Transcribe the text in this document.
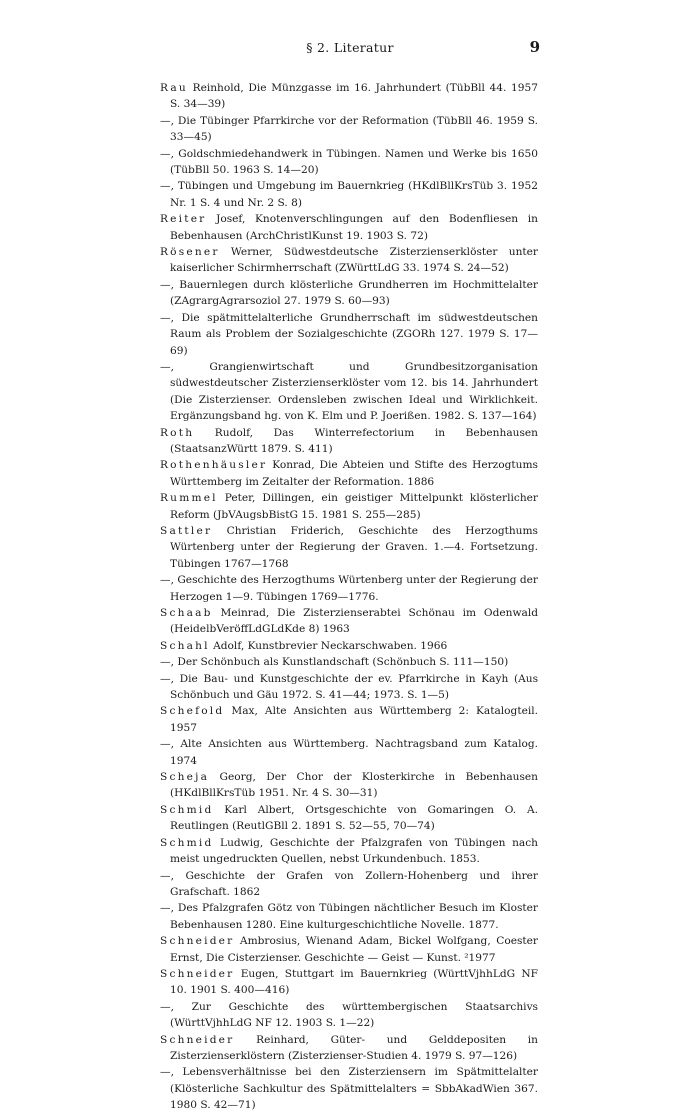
§ 2. Literatur	9
Rau Reinhold, Die Münzgasse im 16. Jahrhundert (TübBll 44. 1957 S. 34—39)
—, Die Tübinger Pfarrkirche vor der Reformation (TübBll 46. 1959 S. 33—45)
—, Goldschmiedehandwerk in Tübingen. Namen und Werke bis 1650 (TübBll 50. 1963 S. 14—20)
—, Tübingen und Umgebung im Bauernkrieg (HKdlBllKrsTüb 3. 1952 Nr. 1 S. 4 und Nr. 2 S. 8)
Reiter Josef, Knotenverschlingungen auf den Bodenfliesen in Bebenhausen (ArchChristlKunst 19. 1903 S. 72)
Rösener Werner, Südwestdeutsche Zisterzienserklöster unter kaiserlicher Schirmherrschaft (ZWürttLdG 33. 1974 S. 24—52)
—, Bauernlegen durch klösterliche Grundherren im Hochmittelalter (ZAgrargAgrarsoziol 27. 1979 S. 60—93)
—, Die spätmittelalterliche Grundherrschaft im südwestdeutschen Raum als Problem der Sozialgeschichte (ZGORh 127. 1979 S. 17—69)
—, Grangienwirtschaft und Grundbesitzorganisation südwestdeutscher Zisterzienserklöster vom 12. bis 14. Jahrhundert (Die Zisterzienser. Ordensleben zwischen Ideal und Wirklichkeit. Ergänzungsband hg. von K. Elm und P. Joerißen. 1982. S. 137—164)
Roth Rudolf, Das Winterrefectorium in Bebenhausen (StaatsanzWürtt 1879. S. 411)
Rothenhäusler Konrad, Die Abteien und Stifte des Herzogtums Württemberg im Zeitalter der Reformation. 1886
Rummel Peter, Dillingen, ein geistiger Mittelpunkt klösterlicher Reform (JbVAugsbBistG 15. 1981 S. 255—285)
Sattler Christian Friderich, Geschichte des Herzogthums Würtenberg unter der Regierung der Graven. 1.—4. Fortsetzung. Tübingen 1767—1768
—, Geschichte des Herzogthums Würtenberg unter der Regierung der Herzogen 1—9. Tübingen 1769—1776.
Schaab Meinrad, Die Zisterzienserabtei Schönau im Odenwald (HeidelbVeröffLdGLdKde 8) 1963
Schahl Adolf, Kunstbrevier Neckarschwaben. 1966
—, Der Schönbuch als Kunstlandschaft (Schönbuch S. 111—150)
—, Die Bau- und Kunstgeschichte der ev. Pfarrkirche in Kayh (Aus Schönbuch und Gäu 1972. S. 41—44; 1973. S. 1—5)
Schefold Max, Alte Ansichten aus Württemberg 2: Katalogteil. 1957
—, Alte Ansichten aus Württemberg. Nachtragsband zum Katalog. 1974
Scheja Georg, Der Chor der Klosterkirche in Bebenhausen (HKdlBllKrsTüb 1951. Nr. 4 S. 30—31)
Schmid Karl Albert, Ortsgeschichte von Gomaringen O. A. Reutlingen (ReutlGBll 2. 1891 S. 52—55, 70—74)
Schmid Ludwig, Geschichte der Pfalzgrafen von Tübingen nach meist ungedruckten Quellen, nebst Urkundenbuch. 1853.
—, Geschichte der Grafen von Zollern-Hohenberg und ihrer Grafschaft. 1862
—, Des Pfalzgrafen Götz von Tübingen nächtlicher Besuch im Kloster Bebenhausen 1280. Eine kulturgeschichtliche Novelle. 1877.
Schneider Ambrosius, Wienand Adam, Bickel Wolfgang, Coester Ernst, Die Cisterzienser. Geschichte — Geist — Kunst. ²1977
Schneider Eugen, Stuttgart im Bauernkrieg (WürttVjhhLdG NF 10. 1901 S. 400—416)
—, Zur Geschichte des württembergischen Staatsarchivs (WürttVjhhLdG NF 12. 1903 S. 1—22)
Schneider Reinhard, Güter- und Gelddepositen in Zisterzienserklöstern (Zisterzienser-Studien 4. 1979 S. 97—126)
—, Lebensverhältnisse bei den Zisterziensern im Spätmittelalter (Klösterliche Sachkultur des Spätmittelalters = SbbAkadWien 367. 1980 S. 42—71)
